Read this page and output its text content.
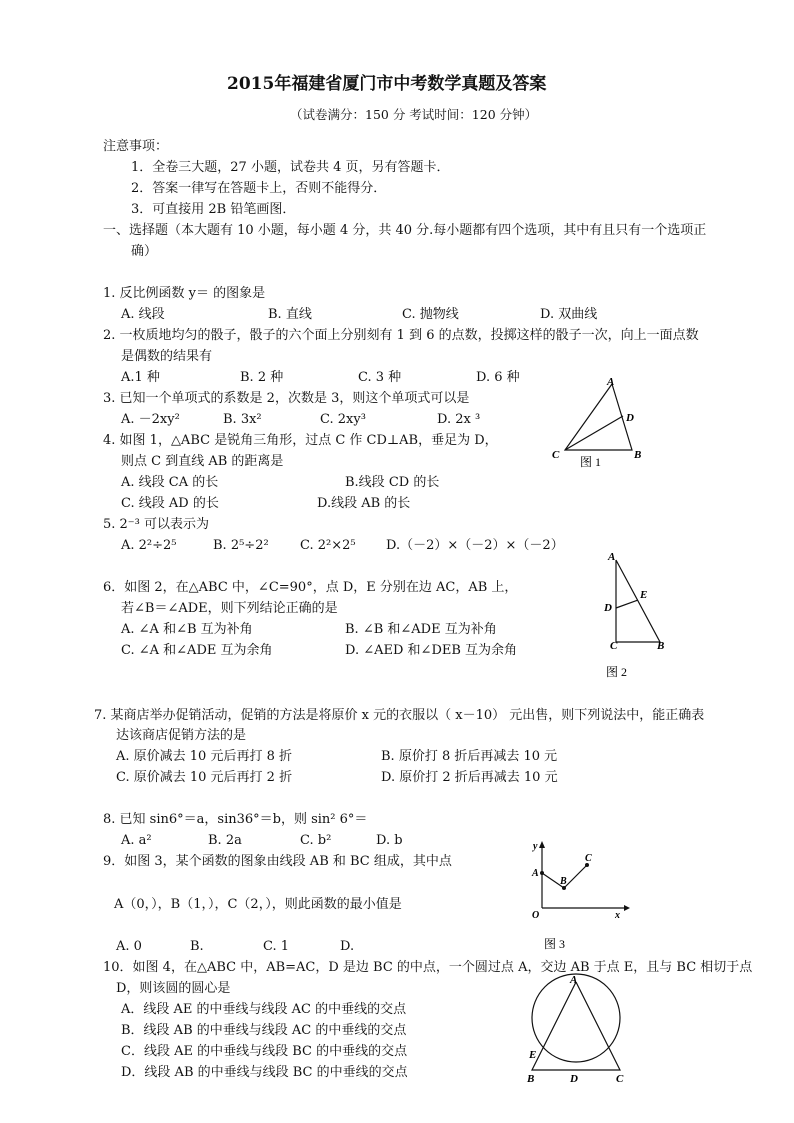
2015年福建省厦门市中考数学真题及答案
（试卷满分：150 分 考试时间：120 分钟）
注意事项：
1．全卷三大题，27 小题，试卷共 4 页，另有答题卡．
2．答案一律写在答题卡上，否则不能得分．
3．可直接用 2B 铅笔画图．
一、选择题（本大题有 10 小题，每小题 4 分，共 40 分.每小题都有四个选项，其中有且只有一个选项正
确）
1. 反比例函数 y＝ 的图象是
A. 线段	B. 直线	C. 抛物线	D. 双曲线
2. 一枚质地均匀的骰子，骰子的六个面上分别刻有 1 到 6 的点数，投掷这样的骰子一次，向上一面点数
是偶数的结果有
A.1 种	B. 2 种	C. 3 种	D. 6 种
3. 已知一个单项式的系数是 2，次数是 3，则这个单项式可以是
A. －2xy²	B. 3x²	C. 2xy³	D. 2x ³
4. 如图 1，△ABC 是锐角三角形，过点 C 作 CD⊥AB，垂足为 D，
则点 C 到直线 AB 的距离是
A. 线段 CA 的长	B.线段 CD 的长
C. 线段 AD 的长	D.线段 AB 的长
5. 2⁻³ 可以表示为
A. 2²÷2⁵	B. 2⁵÷2² C. 2²×2⁵ D.（－2）×（－2）×（－2）
6．如图 2，在△ABC 中，∠C=90°，点 D，E 分别在边 AC，AB 上，
若∠B＝∠ADE，则下列结论正确的是
A. ∠A 和∠B 互为补角	B. ∠B 和∠ADE 互为补角
C. ∠A 和∠ADE 互为余角	D. ∠AED 和∠DEB 互为余角
7. 某商店举办促销活动，促销的方法是将原价 x 元的衣服以（ x－10） 元出售，则下列说法中，能正确表
达该商店促销方法的是
A. 原价减去 10 元后再打 8 折	B. 原价打 8 折后再减去 10 元
C. 原价减去 10 元后再打 2 折	D. 原价打 2 折后再减去 10 元
8. 已知 sin6°＝a，sin36°＝b，则 sin² 6°＝
A. a²	B. 2a	C. b²	D. b
9．如图 3，某个函数的图象由线段 AB 和 BC 组成，其中点
A（0，），B（1，），C（2，），则此函数的最小值是
A. 0	B.	C. 1	D.
10．如图 4，在△ABC 中，AB=AC，D 是边 BC 的中点，一个圆过点 A，交边 AB 于点 E，且与 BC 相切于点
D，则该圆的圆心是
A．线段 AE 的中垂线与线段 AC 的中垂线的交点
B．线段 AB 的中垂线与线段 AC 的中垂线的交点
C．线段 AE 的中垂线与线段 BC 的中垂线的交点
D．线段 AB 的中垂线与线段 BC 的中垂线的交点
A
B
C
D
图 1
A
B
C
D
E
图 2
y
x
O
A
B
C
图 3
A
B	C
D
E
